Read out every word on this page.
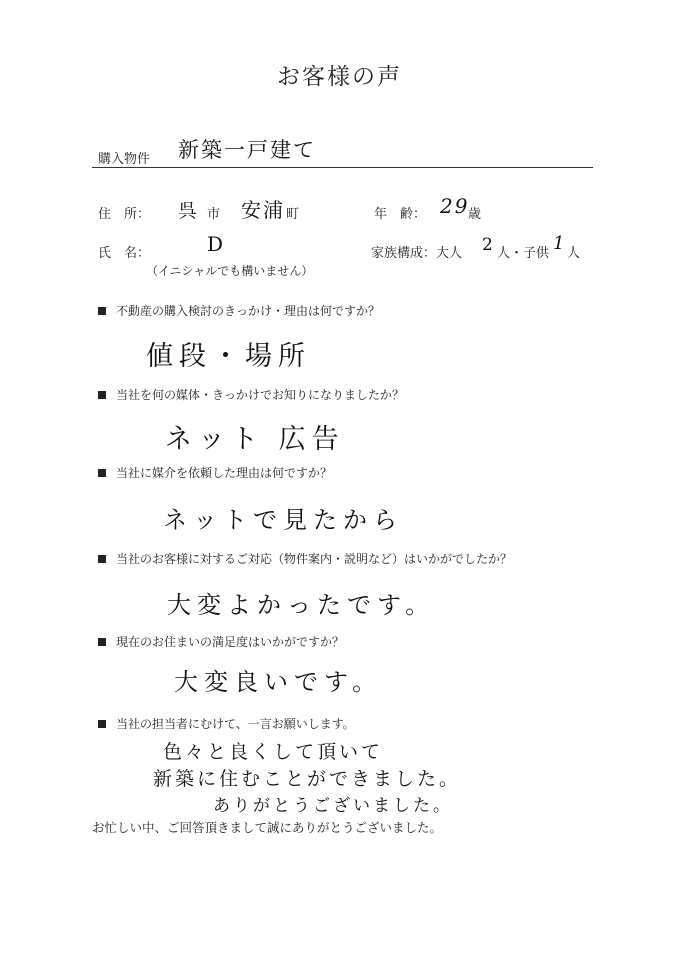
お客様の声
購入物件 新築一戸建て
住　所： 呉 市 安浦 町	年　齢： 29
歳
氏　名：	D
（イニシャルでも構いません）
家族構成：大人 2 人・子供 1 人
不動産の購入検討のきっかけ・理由は何ですか？
値段・場所
当社を何の媒体・きっかけでお知りになりましたか？
ネット 広告
当社に媒介を依頼した理由は何ですか？
ネットで見たから
当社のお客様に対するご対応（物件案内・説明など）はいかがでしたか？
大変よかったです。
現在のお住まいの満足度はいかがですか？
大変良いです。
当社の担当者にむけて、一言お願いします。
色々と良くして頂いて
新築に住むことができました。
ありがとうございました。
お忙しい中、ご回答頂きまして誠にありがとうございました。
